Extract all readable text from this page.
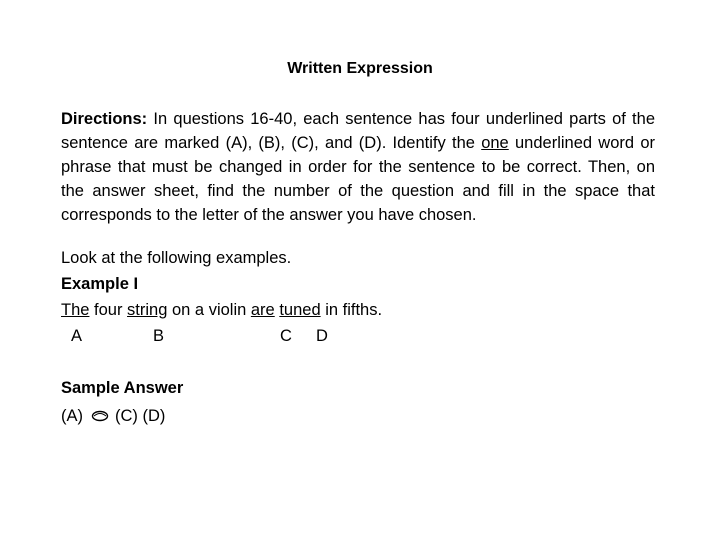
Written Expression
Directions: In questions 16-40, each sentence has four underlined parts of the sentence are marked (A), (B), (C), and (D). Identify the one underlined word or phrase that must be changed in order for the sentence to be correct. Then, on the answer sheet, find the number of the question and fill in the space that corresponds to the letter of the answer you have chosen.
Look at the following examples.
Example I
The four string on a violin are tuned in fifths.
A	B	C D
Sample Answer
(A) (C) (D)
